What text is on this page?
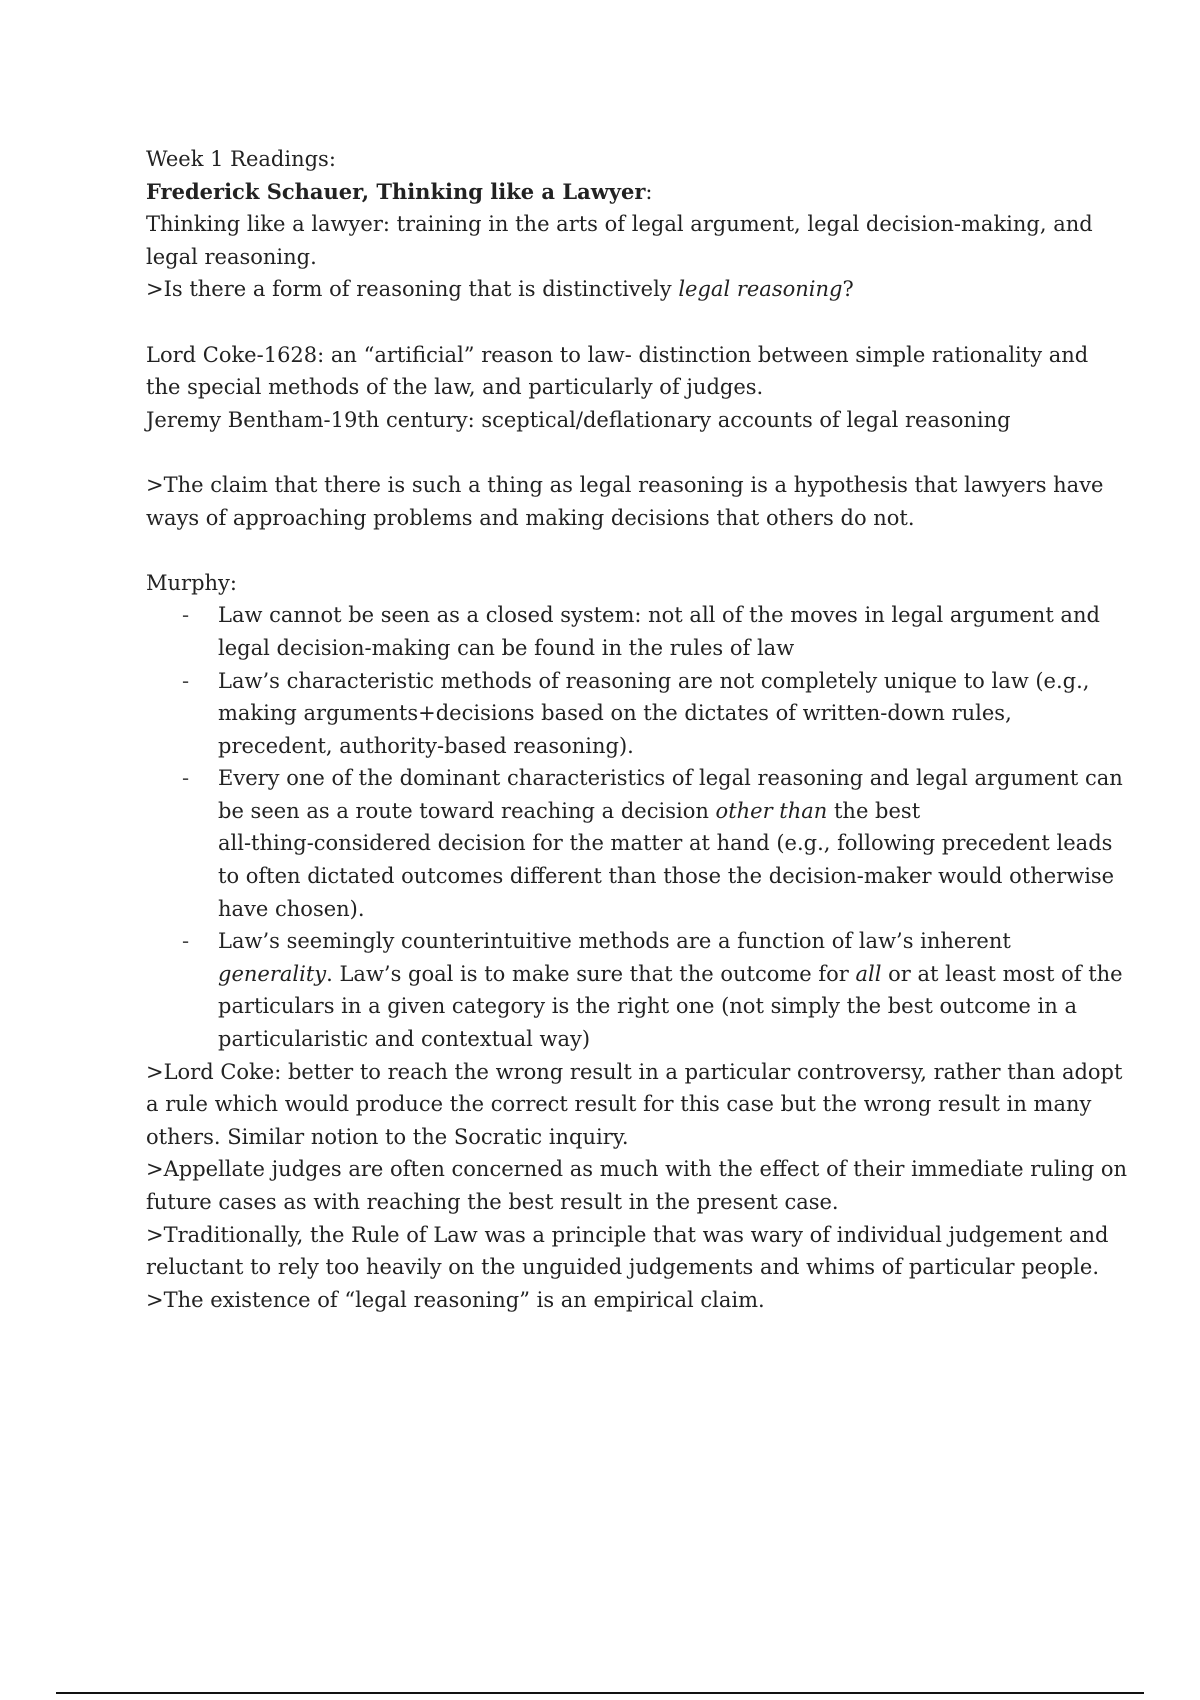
Week 1 Readings:
Frederick Schauer, Thinking like a Lawyer:
Thinking like a lawyer: training in the arts of legal argument, legal decision-making, and
legal reasoning.
>Is there a form of reasoning that is distinctively legal reasoning?
Lord Coke-1628: an “artificial” reason to law- distinction between simple rationality and
the special methods of the law, and particularly of judges.
Jeremy Bentham-19th century: sceptical/deflationary accounts of legal reasoning
>The claim that there is such a thing as legal reasoning is a hypothesis that lawyers have
ways of approaching problems and making decisions that others do not.
Murphy:
- Law cannot be seen as a closed system: not all of the moves in legal argument and
legal decision-making can be found in the rules of law
- Law’s characteristic methods of reasoning are not completely unique to law (e.g.,
making arguments+decisions based on the dictates of written-down rules,
precedent, authority-based reasoning).
- Every one of the dominant characteristics of legal reasoning and legal argument can
be seen as a route toward reaching a decision other than the best
all-thing-considered decision for the matter at hand (e.g., following precedent leads
to often dictated outcomes different than those the decision-maker would otherwise
have chosen).
- Law’s seemingly counterintuitive methods are a function of law’s inherent
generality. Law’s goal is to make sure that the outcome for all or at least most of the
particulars in a given category is the right one (not simply the best outcome in a
particularistic and contextual way)
>Lord Coke: better to reach the wrong result in a particular controversy, rather than adopt
a rule which would produce the correct result for this case but the wrong result in many
others. Similar notion to the Socratic inquiry.
>Appellate judges are often concerned as much with the effect of their immediate ruling on
future cases as with reaching the best result in the present case.
>Traditionally, the Rule of Law was a principle that was wary of individual judgement and
reluctant to rely too heavily on the unguided judgements and whims of particular people.
>The existence of “legal reasoning” is an empirical claim.
